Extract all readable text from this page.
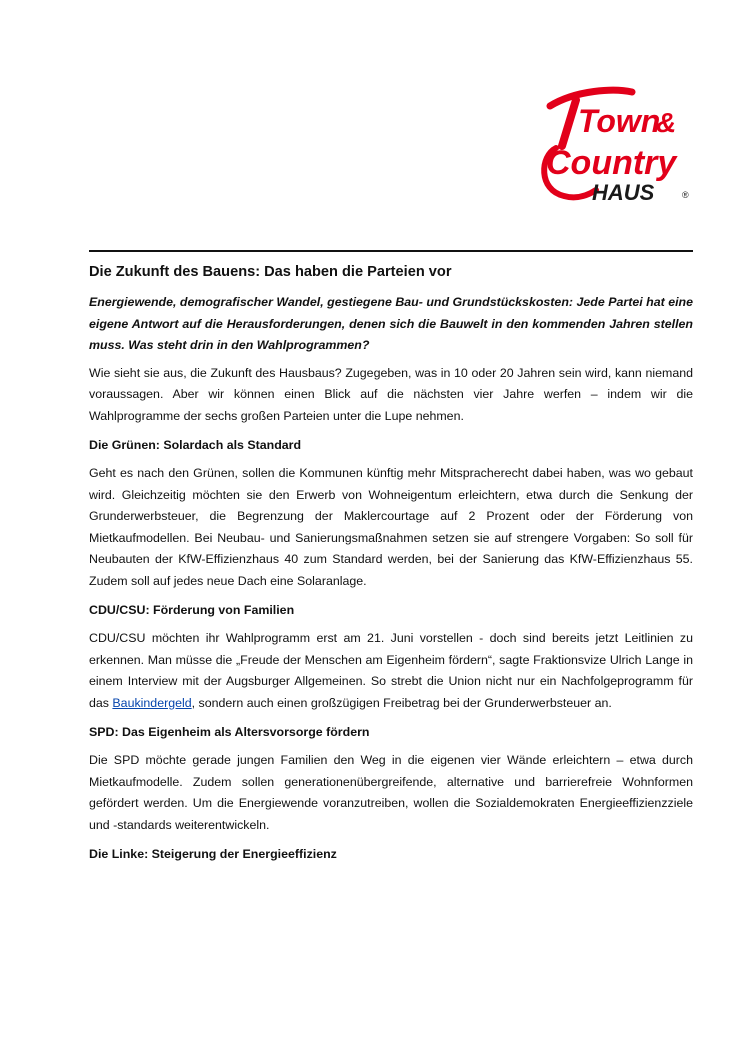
Town
&
Country
HAUS	®
Die Zukunft des Bauens: Das haben die Parteien vor

Energiewende, demografischer Wandel, gestiegene Bau- und Grundstückskosten: Jede Partei hat eine eigene Antwort auf die Herausforderungen, denen sich die Bauwelt in den kommenden Jahren stellen muss. Was steht drin in den Wahlprogrammen?

Wie sieht sie aus, die Zukunft des Hausbaus? Zugegeben, was in 10 oder 20 Jahren sein wird, kann niemand voraussagen. Aber wir können einen Blick auf die nächsten vier Jahre werfen – indem wir die Wahlprogramme der sechs großen Parteien unter die Lupe nehmen.

Die Grünen: Solardach als Standard

Geht es nach den Grünen, sollen die Kommunen künftig mehr Mitspracherecht dabei haben, was wo gebaut wird. Gleichzeitig möchten sie den Erwerb von Wohneigentum erleichtern, etwa durch die Senkung der Grunderwerbsteuer, die Begrenzung der Maklercourtage auf 2 Prozent oder der Förderung von Mietkaufmodellen. Bei Neubau- und Sanierungsmaßnahmen setzen sie auf strengere Vorgaben: So soll für Neubauten der KfW-Effizienzhaus 40 zum Standard werden, bei der Sanierung das KfW-Effizienzhaus 55. Zudem soll auf jedes neue Dach eine Solaranlage.

CDU/CSU: Förderung von Familien

CDU/CSU möchten ihr Wahlprogramm erst am 21. Juni vorstellen - doch sind bereits jetzt Leitlinien zu erkennen. Man müsse die „Freude der Menschen am Eigenheim fördern“, sagte Fraktionsvize Ulrich Lange in einem Interview mit der Augsburger Allgemeinen. So strebt die Union nicht nur ein Nachfolgeprogramm für das Baukindergeld, sondern auch einen großzügigen Freibetrag bei der Grunderwerbsteuer an.

SPD: Das Eigenheim als Altersvorsorge fördern

Die SPD möchte gerade jungen Familien den Weg in die eigenen vier Wände erleichtern – etwa durch Mietkaufmodelle. Zudem sollen generationenübergreifende, alternative und barrierefreie Wohnformen gefördert werden. Um die Energiewende voranzutreiben, wollen die Sozialdemokraten Energieeffizienzziele und -standards weiterentwickeln.

Die Linke: Steigerung der Energieeffizienz
